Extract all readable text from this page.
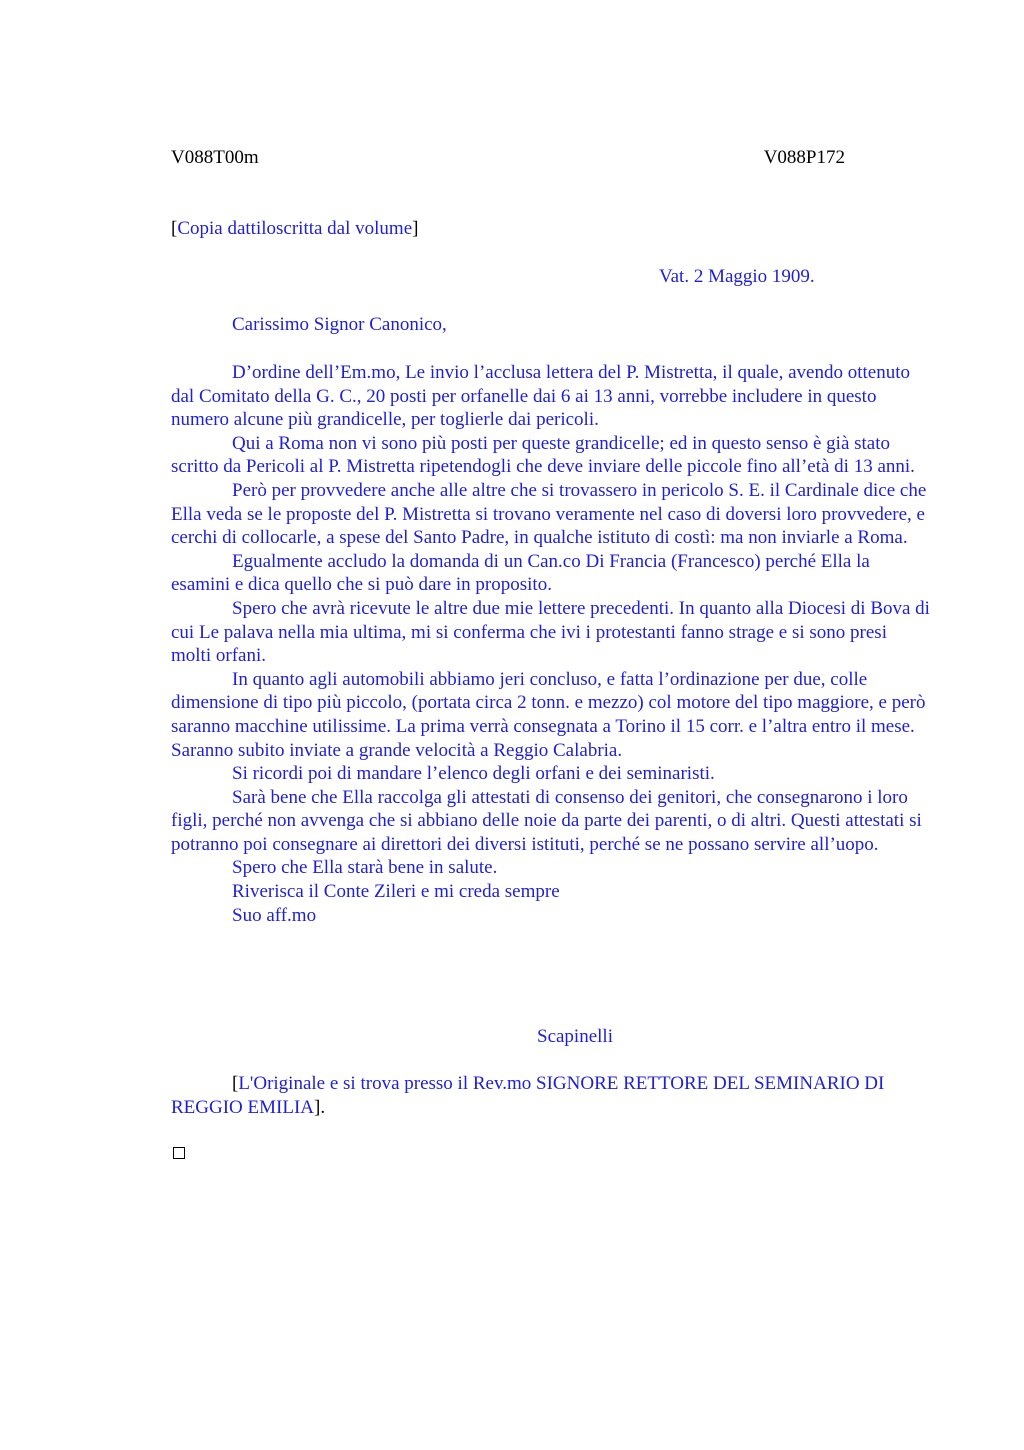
V088T00m	V088P172
[Copia dattiloscritta dal volume]
Vat. 2 Maggio 1909.
Carissimo Signor Canonico,

D’ordine dell’Em.mo, Le invio l’acclusa lettera del P. Mistretta, il quale, avendo ottenuto dal Comitato della G. C., 20 posti per orfanelle dai 6 ai 13 anni, vorrebbe includere in questo numero alcune più grandicelle, per toglierle dai pericoli.

Qui a Roma non vi sono più posti per queste grandicelle; ed in questo senso è già stato scritto da Pericoli al P. Mistretta ripetendogli che deve inviare delle piccole fino all’età di 13 anni.

Però per provvedere anche alle altre che si trovassero in pericolo S. E. il Cardinale dice che Ella veda se le proposte del P. Mistretta si trovano veramente nel caso di doversi loro provvedere, e cerchi di collocarle, a spese del Santo Padre, in qualche istituto di costì: ma non inviarle a Roma.

Egualmente accludo la domanda di un Can.co Di Francia (Francesco) perché Ella la esamini e dica quello che si può dare in proposito.

Spero che avrà ricevute le altre due mie lettere precedenti. In quanto alla Diocesi di Bova di cui Le palava nella mia ultima, mi si conferma che ivi i protestanti fanno strage e si sono presi molti orfani.

In quanto agli automobili abbiamo jeri concluso, e fatta l’ordinazione per due, colle dimensione di tipo più piccolo, (portata circa 2 tonn. e mezzo) col motore del tipo maggiore, e però saranno macchine utilissime. La prima verrà consegnata a Torino il 15 corr. e l’altra entro il mese. Saranno subito inviate a grande velocità a Reggio Calabria.

Si ricordi poi di mandare l’elenco degli orfani e dei seminaristi.

Sarà bene che Ella raccolga gli attestati di consenso dei genitori, che consegnarono i loro figli, perché non avvenga che si abbiano delle noie da parte dei parenti, o di altri. Questi attestati si potranno poi consegnare ai direttori dei diversi istituti, perché se ne possano servire all’uopo.

Spero che Ella starà bene in salute.

Riverisca il Conte Zileri e mi creda sempre

Suo aff.mo

Scapinelli

[L'Originale e si trova presso il Rev.mo SIGNORE RETTORE DEL SEMINARIO DI REGGIO EMILIA].
